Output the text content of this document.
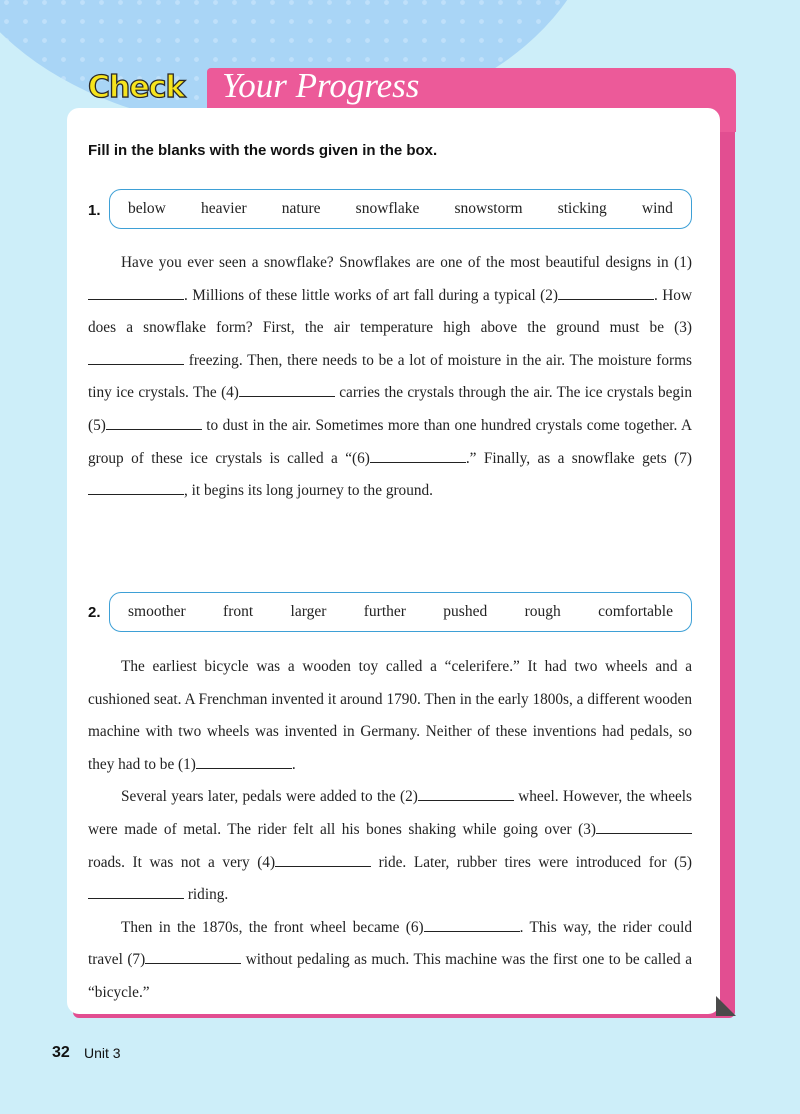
Your Progress
Check
Fill in the blanks with the words given in the box.
1. below heavier nature snowflake snowstorm sticking wind

Have you ever seen a snowflake? Snowflakes are one of the most beautiful designs in (1). Millions of these little works of art fall during a typical (2)	. How does a snowflake form? First, the air temperature high above the ground must be (3) freezing. Then, there needs to be a lot of moisture in the air. The moisture forms tiny ice crystals. The (4)	carries the crystals through the air. The ice crystals begin (5)	to dust in the air. Sometimes more than one hundred crystals come together. A group of these ice crystals is called a “(6)	.” Finally, as a snowflake gets (7), it begins its long journey to the ground.

2. smoother front larger further pushed rough comfortable

The earliest bicycle was a wooden toy called a “celerifere.” It had two wheels and a cushioned seat. A Frenchman invented it around 1790. Then in the early 1800s, a different wooden machine with two wheels was invented in Germany. Neither of these inventions had pedals, so they had to be (1)	.

Several years later, pedals were added to the (2)	wheel. However, the wheels were made of metal. The rider felt all his bones shaking while going over (3) roads. It was not a very (4)	ride. Later, rubber tires were introduced for (5) riding.

Then in the 1870s, the front wheel became (6)	. This way, the rider could travel (7)	without pedaling as much. This machine was the first one to be called a “bicycle.”

32 Unit 3
